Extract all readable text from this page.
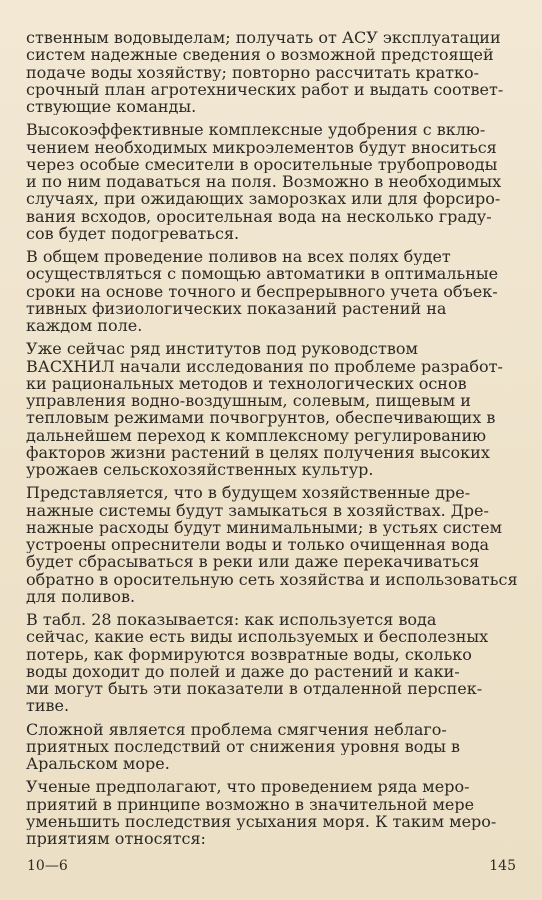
ственным водовыделам; получать от АСУ эксплуатации
систем надежные сведения о возможной предстоящей
подаче воды хозяйству; повторно рассчитать кратко-
срочный план агротехнических работ и выдать соответ-
ствующие команды.

Высокоэффективные комплексные удобрения с вклю-
чением необходимых микроэлементов будут вноситься
через особые смесители в оросительные трубопроводы
и по ним подаваться на поля. Возможно в необходимых
случаях, при ожидающих заморозках или для форсиро-
вания всходов, оросительная вода на несколько граду-
сов будет подогреваться.

В общем проведение поливов на всех полях будет
осуществляться с помощью автоматики в оптимальные
сроки на основе точного и беспрерывного учета объек-
тивных физиологических показаний растений на
каждом поле.

Уже сейчас ряд институтов под руководством
ВАСХНИЛ начали исследования по проблеме разработ-
ки рациональных методов и технологических основ
управления водно-воздушным, солевым, пищевым и
тепловым режимами почвогрунтов, обеспечивающих в
дальнейшем переход к комплексному регулированию
факторов жизни растений в целях получения высоких
урожаев сельскохозяйственных культур.

Представляется, что в будущем хозяйственные дре-
нажные системы будут замыкаться в хозяйствах. Дре-
нажные расходы будут минимальными; в устьях систем
устроены опреснители воды и только очищенная вода
будет сбрасываться в реки или даже перекачиваться
обратно в оросительную сеть хозяйства и использоваться
для поливов.

В табл. 28 показывается: как используется вода
сейчас, какие есть виды используемых и бесполезных
потерь, как формируются возвратные воды, сколько
воды доходит до полей и даже до растений и каки-
ми могут быть эти показатели в отдаленной перспек-
тиве.

Сложной является проблема смягчения неблаго-
приятных последствий от снижения уровня воды в
Аральском море.

Ученые предполагают, что проведением ряда меро-
приятий в принципе возможно в значительной мере
уменьшить последствия усыхания моря. К таким меро-
приятиям относятся:

10—6	145
